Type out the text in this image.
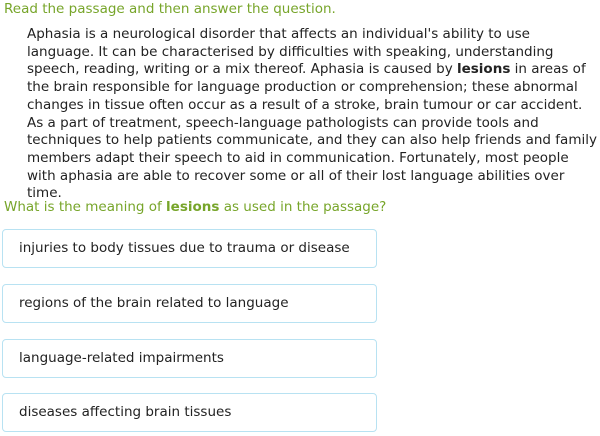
Read the passage and then answer the question.
Aphasia is a neurological disorder that affects an individual's ability to use language. It can be characterised by difficulties with speaking, understanding speech, reading, writing or a mix thereof. Aphasia is caused by lesions in areas of the brain responsible for language production or comprehension; these abnormal changes in tissue often occur as a result of a stroke, brain tumour or car accident. As a part of treatment, speech-language pathologists can provide tools and techniques to help patients communicate, and they can also help friends and family members adapt their speech to aid in communication. Fortunately, most people with aphasia are able to recover some or all of their lost language abilities over time.
What is the meaning of lesions as used in the passage?
injuries to body tissues due to trauma or disease
regions of the brain related to language
language-related impairments
diseases affecting brain tissues
